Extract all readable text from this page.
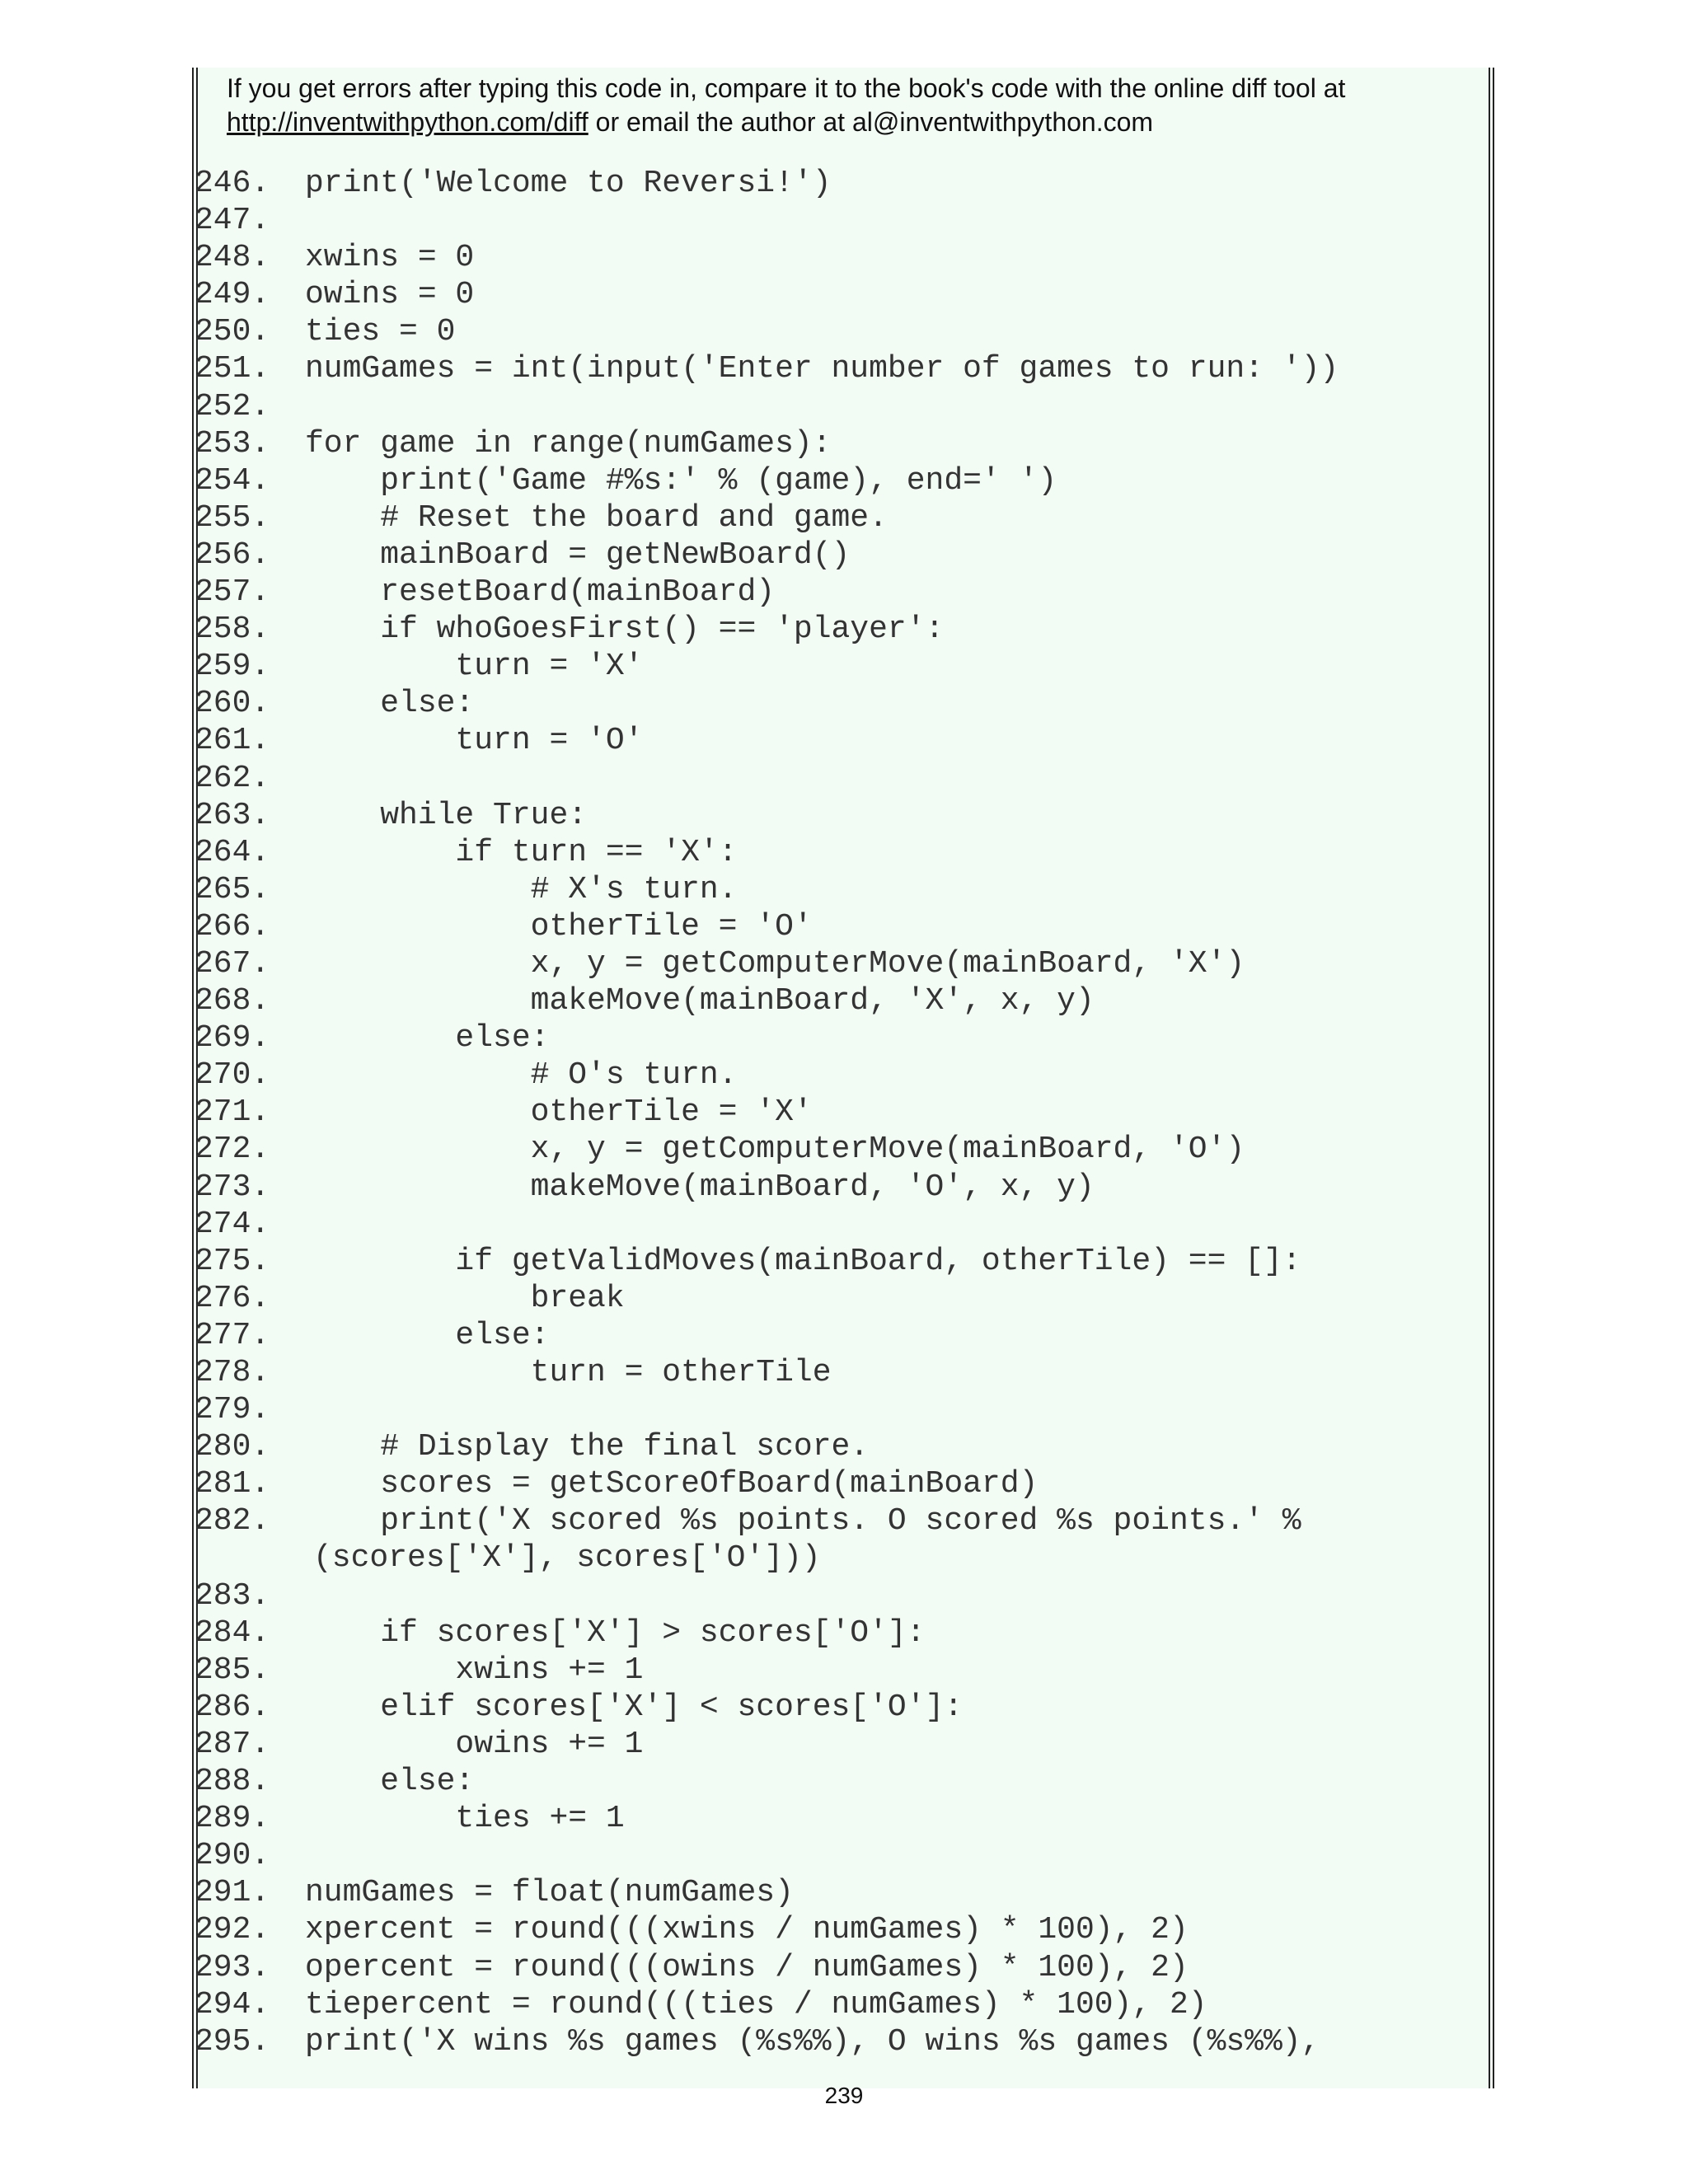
If you get errors after typing this code in, compare it to the book's code with the online diff tool at
http://inventwithpython.com/diff or email the author at al@inventwithpython.com
246. print('Welcome to Reversi!')
247.
248. xwins = 0
249. owins = 0
250. ties = 0
251. numGames = int(input('Enter number of games to run: '))
252.
253. for game in range(numGames):
254. print('Game #%s:' % (game), end=' ')
255. # Reset the board and game.
256. mainBoard = getNewBoard()
257. resetBoard(mainBoard)
258. if whoGoesFirst() == 'player':
259. turn = 'X'
260. else:
261. turn = 'O'
262.
263. while True:
264. if turn == 'X':
265. # X's turn.
266. otherTile = 'O'
267. x, y = getComputerMove(mainBoard, 'X')
268. makeMove(mainBoard, 'X', x, y)
269. else:
270. # O's turn.
271. otherTile = 'X'
272. x, y = getComputerMove(mainBoard, 'O')
273. makeMove(mainBoard, 'O', x, y)
274.
275. if getValidMoves(mainBoard, otherTile) == []:
276. break
277. else:
278. turn = otherTile
279.
280. # Display the final score.
281. scores = getScoreOfBoard(mainBoard)
282. print('X scored %s points. O scored %s points.' %
(scores['X'], scores['O']))
283.
284. if scores['X'] > scores['O']:
285. xwins += 1
286. elif scores['X'] < scores['O']:
287. owins += 1
288. else:
289. ties += 1
290.
291. numGames = float(numGames)
292. xpercent = round(((xwins / numGames) * 100), 2)
293. opercent = round(((owins / numGames) * 100), 2)
294. tiepercent = round(((ties / numGames) * 100), 2)
295. print('X wins %s games (%s%%), O wins %s games (%s%%),
239
